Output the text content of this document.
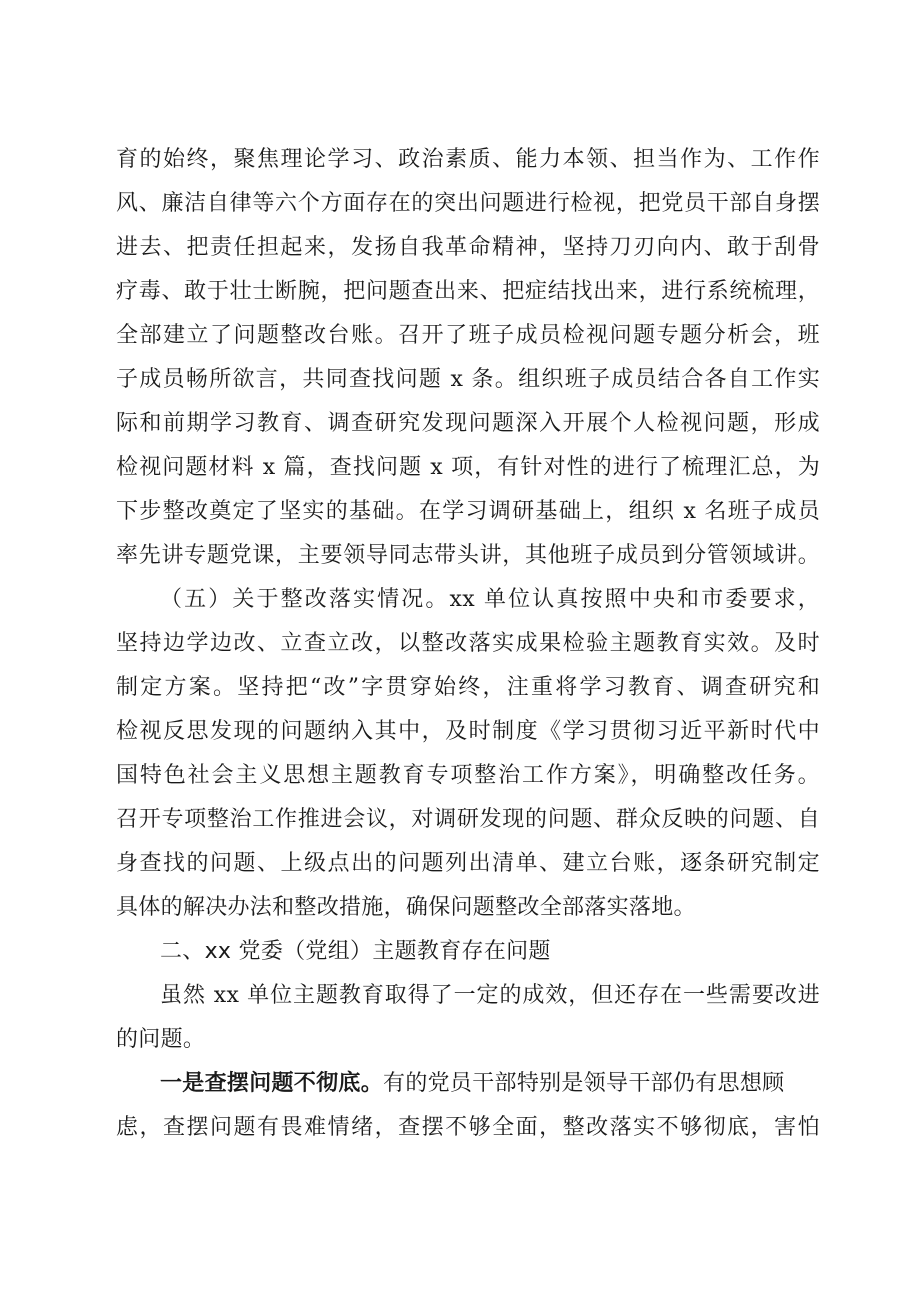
育的始终，聚焦理论学习、政治素质、能力本领、担当作为、工作作
风、廉洁自律等六个方面存在的突出问题进行检视，把党员干部自身摆
进去、把责任担起来，发扬自我革命精神，坚持刀刃向内、敢于刮骨
疗毒、敢于壮士断腕，把问题查出来、把症结找出来，进行系统梳理，
全部建立了问题整改台账。召开了班子成员检视问题专题分析会，班
子成员畅所欲言，共同查找问题 x 条。组织班子成员结合各自工作实
际和前期学习教育、调查研究发现问题深入开展个人检视问题，形成
检视问题材料 x 篇，查找问题 x 项，有针对性的进行了梳理汇总，为
下步整改奠定了坚实的基础。在学习调研基础上，组织 x 名班子成员
率先讲专题党课，主要领导同志带头讲，其他班子成员到分管领域讲。
（五）关于整改落实情况。xx 单位认真按照中央和市委要求，
坚持边学边改、立查立改，以整改落实成果检验主题教育实效。及时
制定方案。坚持把“改”字贯穿始终，注重将学习教育、调查研究和
检视反思发现的问题纳入其中，及时制度《学习贯彻习近平新时代中
国特色社会主义思想主题教育专项整治工作方案》，明确整改任务。
召开专项整治工作推进会议，对调研发现的问题、群众反映的问题、自
身查找的问题、上级点出的问题列出清单、建立台账，逐条研究制定
具体的解决办法和整改措施，确保问题整改全部落实落地。
二、xx 党委（党组）主题教育存在问题
虽然 xx 单位主题教育取得了一定的成效，但还存在一些需要改进
的问题。
一是查摆问题不彻底。有的党员干部特别是领导干部仍有思想顾
虑，查摆问题有畏难情绪，查摆不够全面，整改落实不够彻底，害怕
